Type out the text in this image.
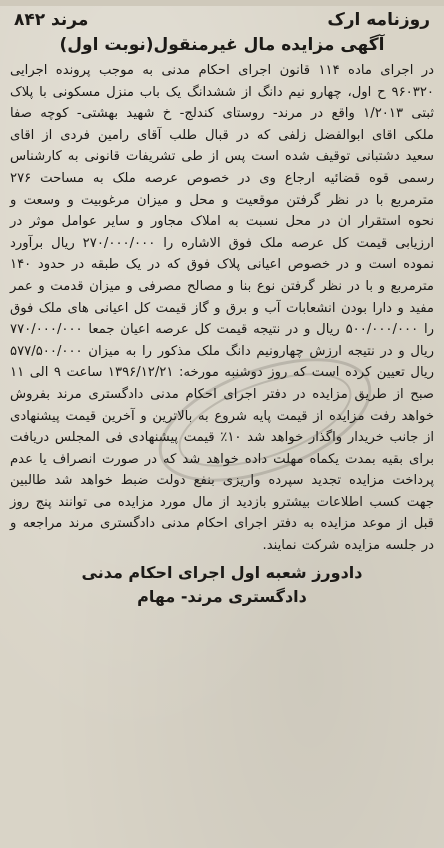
روزنامه ارک
مرند ۸۴۲
آگهی مزایده مال غیرمنقول(نوبت اول)

در اجرای ماده ۱۱۴ قانون اجرای احکام مدنی به موجب پرونده اجرایی ۹۶۰۳۲۰ ح اول، چهارو نیم دانگ از ششدانگ یک باب منزل مسکونی با پلاک ثبتی ۱/۲۰۱۳ واقع در مرند- روستای کندلج- خ شهید بهشتی- کوچه صفا ملکی اقای ابوالفضل زلفی که در قبال طلب آقای رامین فردی از اقای سعید دشتبانی توقیف شده است پس از طی تشریفات قانونی به کارشناس رسمی قوه قضائیه ارجاع وی در خصوص عرصه ملک به مساحت ۲۷۶ مترمربع با در نظر گرفتن موقعیت و محل و میزان مرغوبیت و وسعت و نحوه استقرار ان در محل نسبت به املاک مجاور و سایر عوامل موثر در ارزیابی قیمت کل عرصه ملک فوق الاشاره را ۲۷۰/۰۰۰/۰۰۰ ریال برآورد نموده است و در خصوص اعیانی پلاک فوق که در یک طبقه در حدود ۱۴۰ مترمربع و با در نظر گرفتن نوع بنا و مصالح مصرفی و میزان قدمت و عمر مفید و دارا بودن انشعابات آب و برق و گاز قیمت کل اعیانی های ملک فوق را ۵۰۰/۰۰۰/۰۰۰ ریال و در نتیجه قیمت کل عرصه اعیان جمعا ۷۷۰/۰۰۰/۰۰۰ ریال و در نتیجه ارزش چهارونیم دانگ ملک مذکور را به میزان ۵۷۷/۵۰۰/۰۰۰ ریال تعیین کرده است که روز دوشنبه مورخه: ۱۳۹۶/۱۲/۲۱ ساعت ۹ الی ۱۱ صبح از طریق مزایده در دفتر اجرای احکام مدنی دادگستری مرند بفروش خواهد رفت مزایده از قیمت پایه شروع به بالاترین و آخرین قیمت پیشنهادی از جانب خریدار واگذار خواهد شد ۱۰٪ قیمت پیشنهادی فی المجلس دریافت برای بقیه بمدت یکماه مهلت داده خواهد شد که در صورت انصراف یا عدم پرداخت مزایده تجدید سپرده واریزی بنفع دولت ضبط خواهد شد طالبین جهت کسب اطلاعات بیشترو بازدید از مال مورد مزایده می توانند پنج روز قبل از موعد مزایده به دفتر اجرای احکام مدنی دادگستری مرند مراجعه و در جلسه مزایده شرکت نمایند.

دادورز شعبه اول اجرای احکام مدنی
دادگستری مرند- مهام
